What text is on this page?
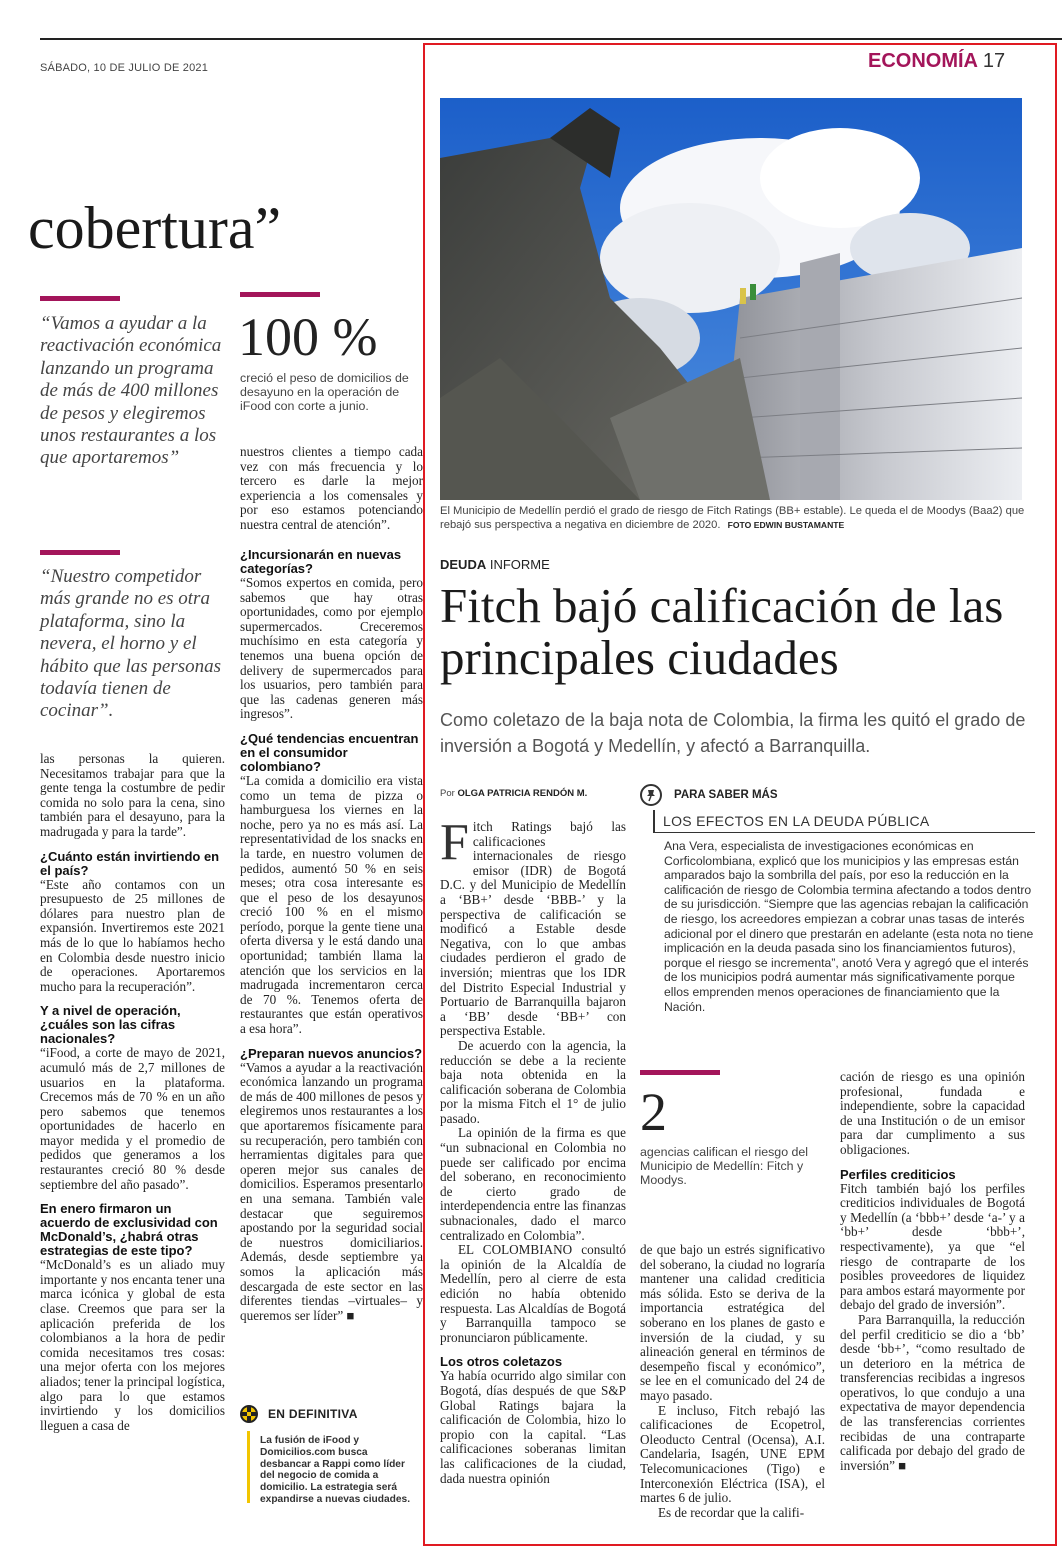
SÁBADO, 10 DE JULIO DE 2021	ECONOMÍA 17
cobertura”
“Vamos a ayudar a la reactivación económica lanzando un programa de más de 400 millones de pesos y elegiremos unos restaurantes a los que aportaremos”
“Nuestro competidor más grande no es otra plataforma, sino la nevera, el horno y el hábito que las personas todavía tienen de cocinar”.
100 %
creció el peso de domicilios de desayuno en la operación de iFood con corte a junio.

las personas la quieren. Necesitamos trabajar para que la gente tenga la costumbre de pedir comida no solo para la cena, sino también para el desayuno, para la madrugada y para la tarde”.

¿Cuánto están invirtiendo en el país?

“Este año contamos con un presupuesto de 25 millones de dólares para nuestro plan de expansión. Invertiremos este 2021 más de lo que lo habíamos hecho en Colombia desde nuestro inicio de operaciones. Aportaremos mucho para la recuperación”.

Y a nivel de operación, ¿cuáles son las cifras nacionales?

“iFood, a corte de mayo de 2021, acumuló más de 2,7 millones de usuarios en la plataforma. Crecemos más de 70 % en un año pero sabemos que tenemos oportunidades de hacerlo en mayor medida y el promedio de pedidos que generamos a los restaurantes creció 80 % desde septiembre del año pasado”.

En enero firmaron un acuerdo de exclusividad con McDonald’s, ¿habrá otras estrategias de este tipo?

“McDonald’s es un aliado muy importante y nos encanta tener una marca icónica y global de esta clase. Creemos que para ser la aplicación preferida de los colombianos a la hora de pedir comida necesitamos tres cosas: una mejor oferta con los mejores aliados; tener la principal logística, algo para lo que estamos invirtiendo y los domicilios lleguen a casa de

nuestros clientes a tiempo cada vez con más frecuencia y lo tercero es darle la mejor experiencia a los comensales y por eso estamos potenciando nuestra central de atención”.

EN DEFINITIVA
La fusión de iFood y Domicilios.com busca desbancar a Rappi como líder del negocio de comida a domicilio. La estrategia será expandirse a nuevas ciudades.
El Municipio de Medellín perdió el grado de riesgo de Fitch Ratings (BB+ estable). Le queda el de Moodys (Baa2) que rebajó sus perspectiva a negativa en diciembre de 2020. FOTO EDWIN BUSTAMANTE
DEUDA INFORME
Fitch bajó calificación de las principales ciudades
Como coletazo de la baja nota de Colombia, la firma les quitó el grado de inversión a Bogotá y Medellín, y afectó a Barranquilla.
Por OLGA PATRICIA RENDÓN M.
F itch Ratings bajó las calificaciones internacionales de riesgo emisor (IDR) de Bogotá D.C. y del Municipio de Medellín a ‘BB+’ desde ‘BBB-’ y la perspectiva de calificación se modificó a Estable desde Negativa, con lo que ambas ciudades perdieron el grado de inversión; mientras que los IDR del Distrito Especial Industrial y Portuario de Barranquilla bajaron a ‘BB’ desde ‘BB+’ con perspectiva Estable.

De acuerdo con la agencia, la reducción se debe a la reciente baja nota obtenida en la calificación soberana de Colombia por la misma Fitch el 1° de julio pasado.

La opinión de la firma es que “un subnacional en Colombia no puede ser calificado por encima del soberano, en reconocimiento de cierto grado de interdependencia entre las finanzas subnacionales, dado el marco centralizado en Colombia”.

EL COLOMBIANO consultó la opinión de la Alcaldía de Medellín, pero al cierre de esta edición no había obtenido respuesta. Las Alcaldías de Bogotá y Barranquilla tampoco se pronunciaron públicamente.

Los otros coletazos

Ya había ocurrido algo similar con Bogotá, días después de que S&P Global Ratings bajara la calificación de Colombia, hizo lo propio con la capital. “Las calificaciones soberanas limitan las calificaciones de la ciudad, dada nuestra opinión

PARA SABER MÁS
LOS EFECTOS EN LA DEUDA PÚBLICA
Ana Vera, especialista de investigaciones económicas en Corficolombiana, explicó que los municipios y las empresas están amparados bajo la sombrilla del país, por eso la reducción en la calificación de riesgo de Colombia termina afectando a todos dentro de su jurisdicción. “Siempre que las agencias rebajan la calificación de riesgo, los acreedores empiezan a cobrar unas tasas de interés adicional por el dinero que prestarán en adelante (esta nota no tiene implicación en la deuda pasada sino los financiamientos futuros), porque el riesgo se incrementa”, anotó Vera y agregó que el interés de los municipios podrá aumentar más significativamente porque ellos emprenden menos operaciones de financiamiento que la Nación.
2
agencias califican el riesgo del Municipio de Medellín: Fitch y Moodys.

de que bajo un estrés significativo del soberano, la ciudad no lograría mantener una calidad crediticia más sólida. Esto se deriva de la importancia estratégica del soberano en los planes de gasto e inversión de la ciudad, y su alineación general en términos de desempeño fiscal y económico”, se lee en el comunicado del 24 de mayo pasado.

E incluso, Fitch rebajó las calificaciones de Ecopetrol, Oleoducto Central (Ocensa), A.I. Candelaria, Isagén, UNE EPM Telecomunicaciones (Tigo) e Interconexión Eléctrica (ISA), el martes 6 de julio.

Es de recordar que la califi-

cación de riesgo es una opinión profesional, fundada e independiente, sobre la capacidad de una Institución o de un emisor para dar cumplimento a sus obligaciones.

Perfiles crediticios

Fitch también bajó los perfiles crediticios individuales de Bogotá y Medellín (a ‘bbb+’ desde ‘a-’ y a ‘bb+’ desde ‘bbb+’, respectivamente), ya que “el riesgo de contraparte de los posibles proveedores de liquidez para ambos estará mayormente por debajo del grado de inversión”.

Para Barranquilla, la reducción del perfil crediticio se dio a ‘bb’ desde ‘bb+’, “como resultado de un deterioro en la métrica de transferencias recibidas a ingresos operativos, lo que condujo a una expectativa de mayor dependencia de las transferencias corrientes recibidas de una contraparte calificada por debajo del grado de inversión” ■

¿Incursionarán en nuevas categorías?

“Somos expertos en comida, pero sabemos que hay otras oportunidades, como por ejemplo supermercados. Creceremos muchísimo en esta categoría y tenemos una buena opción de delivery de supermercados para los usuarios, pero también para que las cadenas generen más ingresos”.

¿Qué tendencias encuentran en el consumidor colombiano?

“La comida a domicilio era vista como un tema de pizza o hamburguesa los viernes en la noche, pero ya no es más así. La representatividad de los snacks en la tarde, en nuestro volumen de pedidos, aumentó 50 % en seis meses; otra cosa interesante es que el peso de los desayunos creció 100 % en el mismo período, porque la gente tiene una oferta diversa y le está dando una oportunidad; también llama la atención que los servicios en la madrugada incrementaron cerca de 70 %. Tenemos oferta de restaurantes que están operativos a esa hora”.

¿Preparan nuevos anuncios?

“Vamos a ayudar a la reactivación económica lanzando un programa de más de 400 millones de pesos y elegiremos unos restaurantes a los que aportaremos físicamente para su recuperación, pero también con herramientas digitales para que operen mejor sus canales de domicilios. Esperamos presentarlo en una semana. También vale destacar que seguiremos apostando por la seguridad social de nuestros domiciliarios. Además, desde septiembre ya somos la aplicación más descargada de este sector en las diferentes tiendas –virtuales– y queremos ser líder” ■
